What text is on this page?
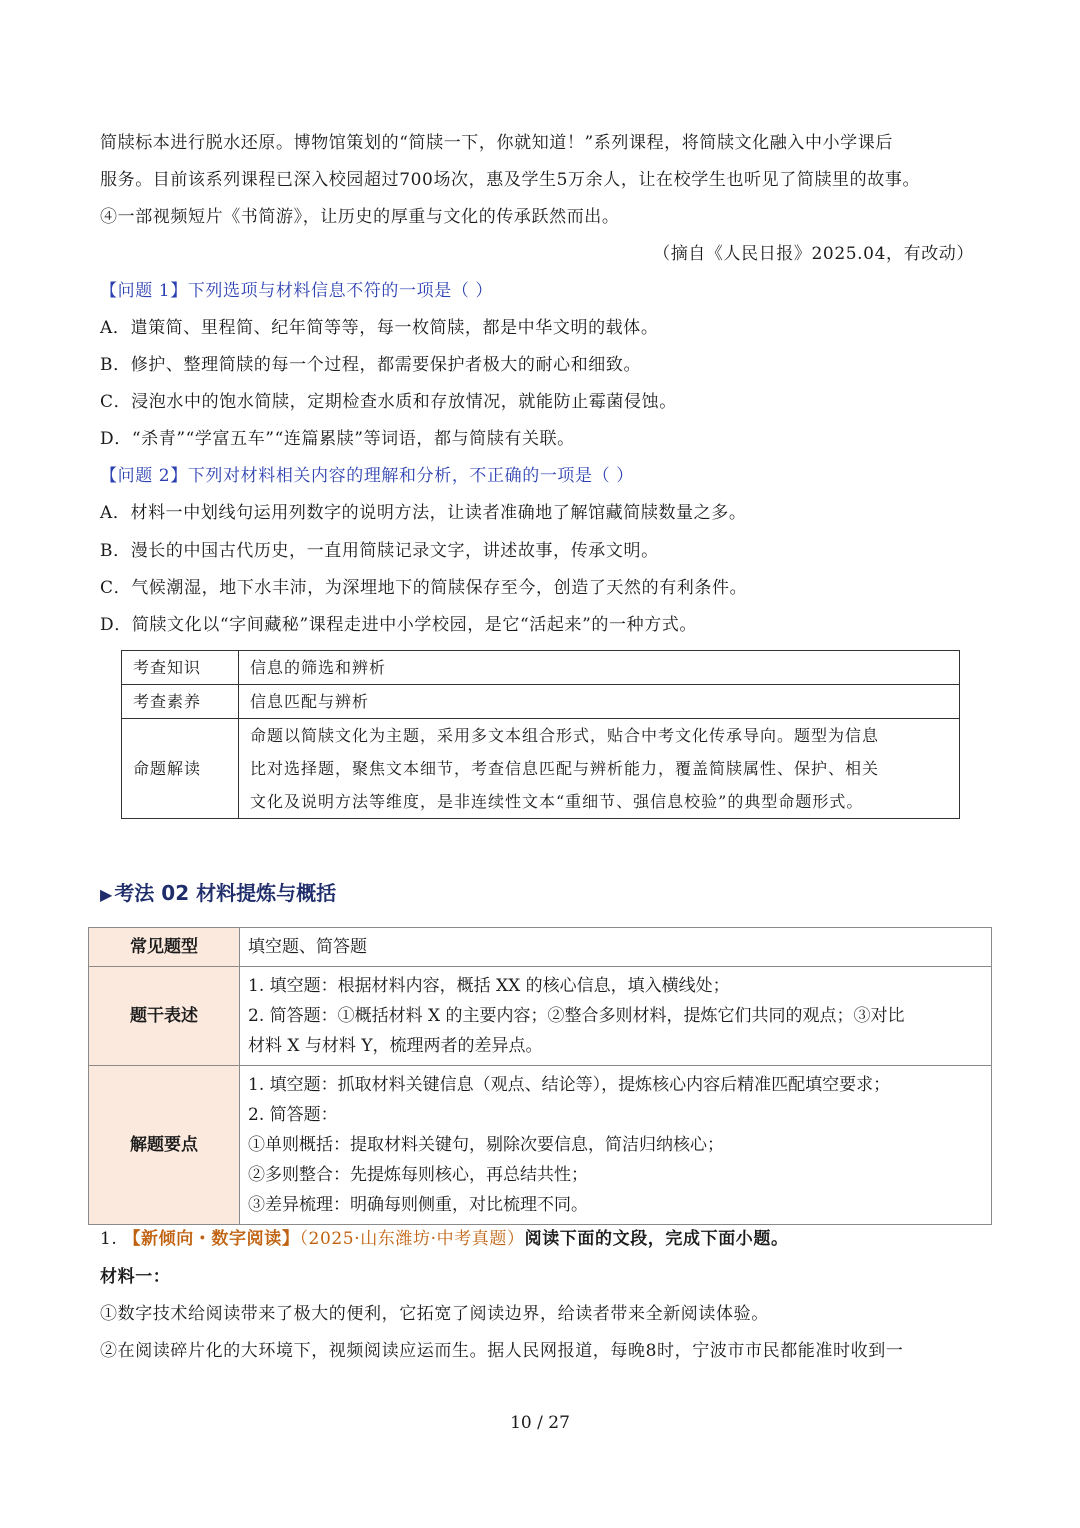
简牍标本进行脱水还原。博物馆策划的“简牍一下，你就知道！”系列课程，将简牍文化融入中小学课后
服务。目前该系列课程已深入校园超过700场次，惠及学生5万余人，让在校学生也听见了简牍里的故事。
④一部视频短片《书简游》，让历史的厚重与文化的传承跃然而出。
（摘自《人民日报》2025.04，有改动）
【问题 1】下列选项与材料信息不符的一项是（ ）
A．遣策简、里程简、纪年简等等，每一枚简牍，都是中华文明的载体。
B．修护、整理简牍的每一个过程，都需要保护者极大的耐心和细致。
C．浸泡水中的饱水简牍，定期检查水质和存放情况，就能防止霉菌侵蚀。
D．“杀青”“学富五车”“连篇累牍”等词语，都与简牍有关联。
【问题 2】下列对材料相关内容的理解和分析，不正确的一项是（ ）
A．材料一中划线句运用列数字的说明方法，让读者准确地了解馆藏简牍数量之多。
B．漫长的中国古代历史，一直用简牍记录文字，讲述故事，传承文明。
C．气候潮湿，地下水丰沛，为深埋地下的简牍保存至今，创造了天然的有利条件。
D．简牍文化以“字间藏秘”课程走进中小学校园，是它“活起来”的一种方式。
考查知识	信息的筛选和辨析
考查素养	信息匹配与辨析
命题解读	命题以简牍文化为主题，采用多文本组合形式，贴合中考文化传承导向。题型为信息
比对选择题，聚焦文本细节，考查信息匹配与辨析能力，覆盖简牍属性、保护、相关
文化及说明方法等维度，是非连续性文本“重细节、强信息校验”的典型命题形式。
▶ 考法 02 材料提炼与概括
常见题型	填空题、简答题

题干表述	1. 填空题：根据材料内容，概括 XX 的核心信息，填入横线处；
2. 简答题：①概括材料 X 的主要内容；②整合多则材料，提炼它们共同的观点；③对比
材料 X 与材料 Y，梳理两者的差异点。

解题要点	1. 填空题：抓取材料关键信息（观点、结论等），提炼核心内容后精准匹配填空要求；
2. 简答题：
①单则概括：提取材料关键句，剔除次要信息，简洁归纳核心；
②多则整合：先提炼每则核心，再总结共性；
③差异梳理：明确每则侧重，对比梳理不同。
1. 【新倾向・数字阅读】（2025·山东潍坊·中考真题）阅读下面的文段，完成下面小题。
材料一：
①数字技术给阅读带来了极大的便利，它拓宽了阅读边界，给读者带来全新阅读体验。
②在阅读碎片化的大环境下，视频阅读应运而生。据人民网报道，每晚8时，宁波市市民都能准时收到一
10 / 27
